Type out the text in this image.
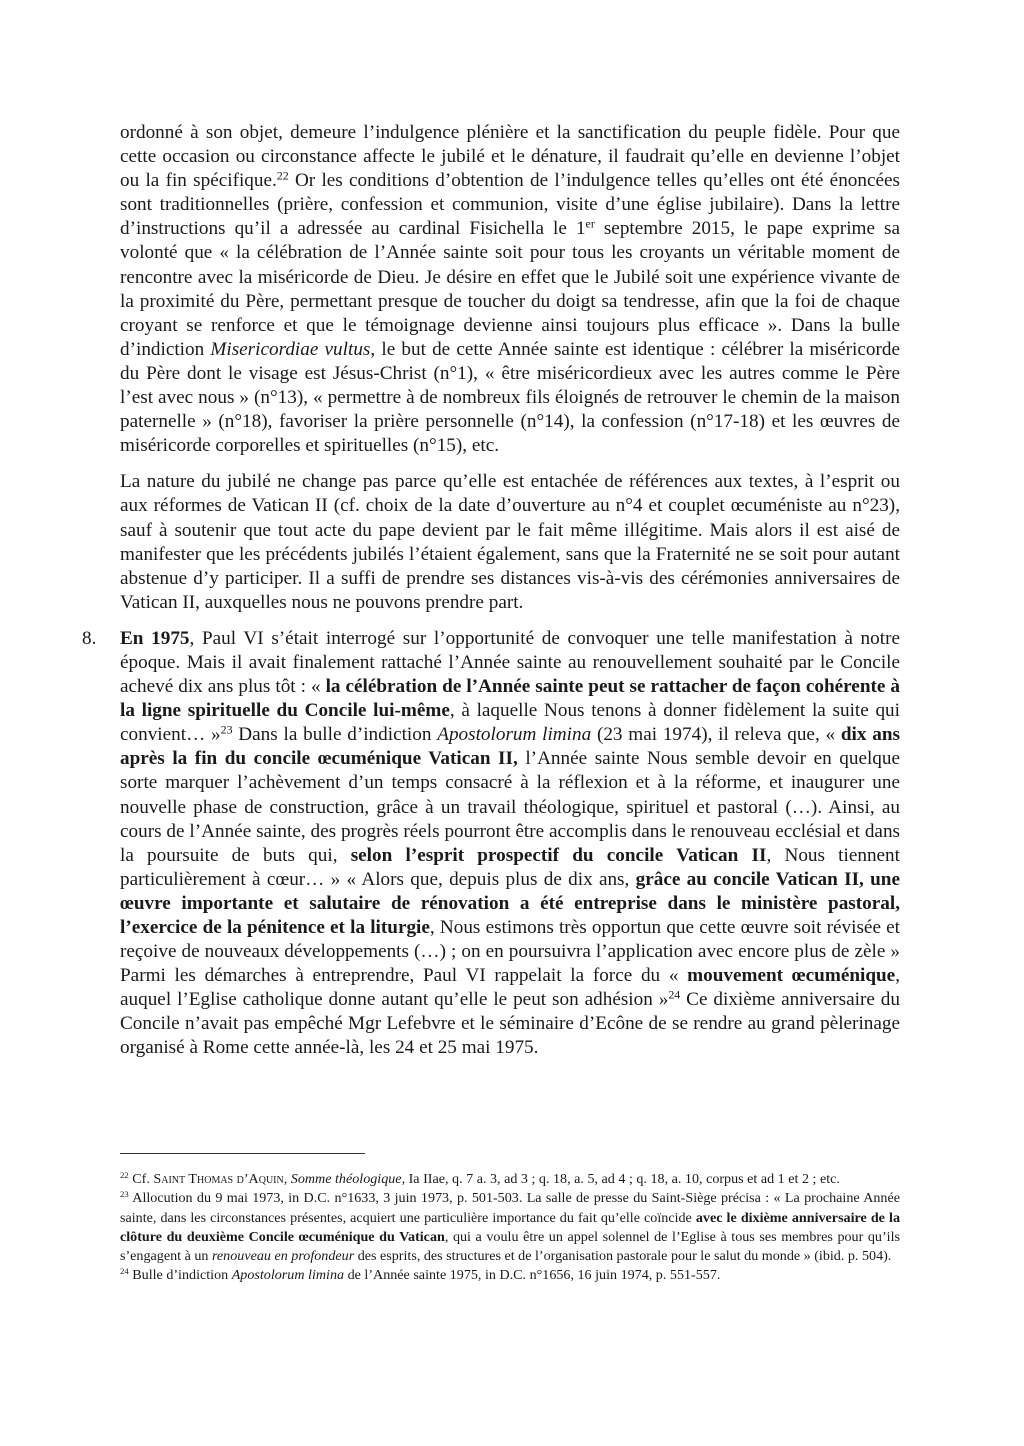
ordonné à son objet, demeure l’indulgence plénière et la sanctification du peuple fidèle. Pour que cette occasion ou circonstance affecte le jubilé et le dénature, il faudrait qu’elle en devienne l’objet ou la fin spécifique.$^{22}$ Or les conditions d’obtention de l’indulgence telles qu’elles ont été énoncées sont traditionnelles (prière, confession et communion, visite d’une église jubilaire). Dans la lettre d’instructions qu’il a adressée au cardinal Fisichella le 1er septembre 2015, le pape exprime sa volonté que « la célébration de l’Année sainte soit pour tous les croyants un véritable moment de rencontre avec la miséricorde de Dieu. Je désire en effet que le Jubilé soit une expérience vivante de la proximité du Père, permettant presque de toucher du doigt sa tendresse, afin que la foi de chaque croyant se renforce et que le témoignage devienne ainsi toujours plus efficace ». Dans la bulle d’indiction Misericordiae vultus, le but de cette Année sainte est identique : célébrer la miséricorde du Père dont le visage est Jésus-Christ (n°1), « être miséricordieux avec les autres comme le Père l’est avec nous » (n°13), « permettre à de nombreux fils éloignés de retrouver le chemin de la maison paternelle » (n°18), favoriser la prière personnelle (n°14), la confession (n°17-18) et les œuvres de miséricorde corporelles et spirituelles (n°15), etc.

La nature du jubilé ne change pas parce qu’elle est entachée de références aux textes, à l’esprit ou aux réformes de Vatican II (cf. choix de la date d’ouverture au n°4 et couplet œcuméniste au n°23), sauf à soutenir que tout acte du pape devient par le fait même illégitime. Mais alors il est aisé de manifester que les précédents jubilés l’étaient également, sans que la Fraternité ne se soit pour autant abstenue d’y participer. Il a suffi de prendre ses distances vis-à-vis des cérémonies anniversaires de Vatican II, auxquelles nous ne pouvons prendre part.

8. En 1975, Paul VI s’était interrogé sur l’opportunité de convoquer une telle manifestation à notre époque. Mais il avait finalement rattaché l’Année sainte au renouvellement souhaité par le Concile achevé dix ans plus tôt : « la célébration de l’Année sainte peut se rattacher de façon cohérente à la ligne spirituelle du Concile lui-même, à laquelle Nous tenons à donner fidèlement la suite qui convient… »$^{23}$ Dans la bulle d’indiction Apostolorum limina (23 mai 1974), il releva que, « dix ans après la fin du concile œcuménique Vatican II, l’Année sainte Nous semble devoir en quelque sorte marquer l’achèvement d’un temps consacré à la réflexion et à la réforme, et inaugurer une nouvelle phase de construction, grâce à un travail théologique, spirituel et pastoral (…). Ainsi, au cours de l’Année sainte, des progrès réels pourront être accomplis dans le renouveau ecclésial et dans la poursuite de buts qui, selon l’esprit prospectif du concile Vatican II, Nous tiennent particulièrement à cœur… » « Alors que, depuis plus de dix ans, grâce au concile Vatican II, une œuvre importante et salutaire de rénovation a été entreprise dans le ministère pastoral, l’exercice de la pénitence et la liturgie, Nous estimons très opportun que cette œuvre soit révisée et reçoive de nouveaux développements (…) ; on en poursuivra l’application avec encore plus de zèle » Parmi les démarches à entreprendre, Paul VI rappelait la force du « mouvement œcuménique, auquel l’Eglise catholique donne autant qu’elle le peut son adhésion »$^{24}$ Ce dixième anniversaire du Concile n’avait pas empêché Mgr Lefebvre et le séminaire d’Ecône de se rendre au grand pèlerinage organisé à Rome cette année-là, les 24 et 25 mai 1975.

$^{22}$ Cf. Saint Thomas d’Aquin, Somme théologique, Ia IIae, q. 7 a. 3, ad 3 ; q. 18, a. 5, ad 4 ; q. 18, a. 10, corpus et ad 1 et 2 ; etc.

$^{23}$ Allocution du 9 mai 1973, in D.C. n°1633, 3 juin 1973, p. 501-503. La salle de presse du Saint-Siège précisa : « La prochaine Année sainte, dans les circonstances présentes, acquiert une particulière importance du fait qu’elle coïncide avec le dixième anniversaire de la clôture du deuxième Concile œcuménique du Vatican, qui a voulu être un appel solennel de l’Eglise à tous ses membres pour qu’ils s’engagent à un renouveau en profondeur des esprits, des structures et de l’organisation pastorale pour le salut du monde » (ibid. p. 504).

$^{24}$ Bulle d’indiction Apostolorum limina de l’Année sainte 1975, in D.C. n°1656, 16 juin 1974, p. 551-557.
